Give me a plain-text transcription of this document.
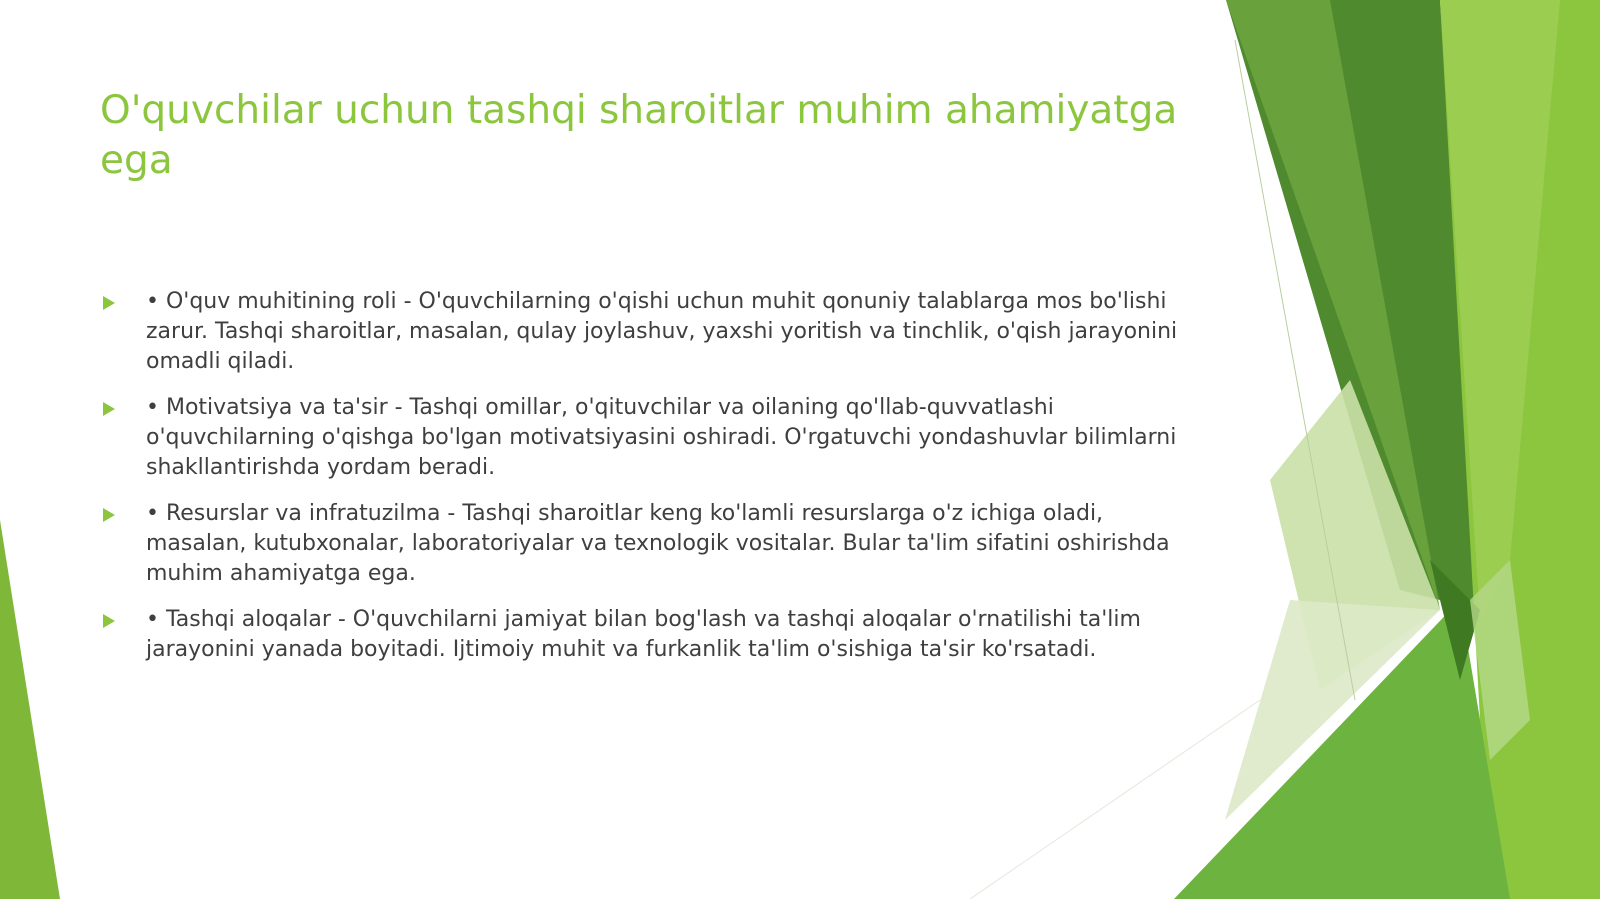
O'quvchilar uchun tashqi sharoitlar muhim ahamiyatga ega
• O'quv muhitining roli - O'quvchilarning o'qishi uchun muhit qonuniy talablarga mos bo'lishi zarur. Tashqi sharoitlar, masalan, qulay joylashuv, yaxshi yoritish va tinchlik, o'qish jarayonini omadli qiladi.
• Motivatsiya va ta'sir - Tashqi omillar, o'qituvchilar va oilaning qo'llab-quvvatlashi o'quvchilarning o'qishga bo'lgan motivatsiyasini oshiradi. O'rgatuvchi yondashuvlar bilimlarni shakllantirishda yordam beradi.
• Resurslar va infratuzilma - Tashqi sharoitlar keng ko'lamli resurslarga o'z ichiga oladi, masalan, kutubxonalar, laboratoriyalar va texnologik vositalar. Bular ta'lim sifatini oshirishda muhim ahamiyatga ega.
• Tashqi aloqalar - O'quvchilarni jamiyat bilan bog'lash va tashqi aloqalar o'rnatilishi ta'lim jarayonini yanada boyitadi. Ijtimoiy muhit va furkanlik ta'lim o'sishiga ta'sir ko'rsatadi.
